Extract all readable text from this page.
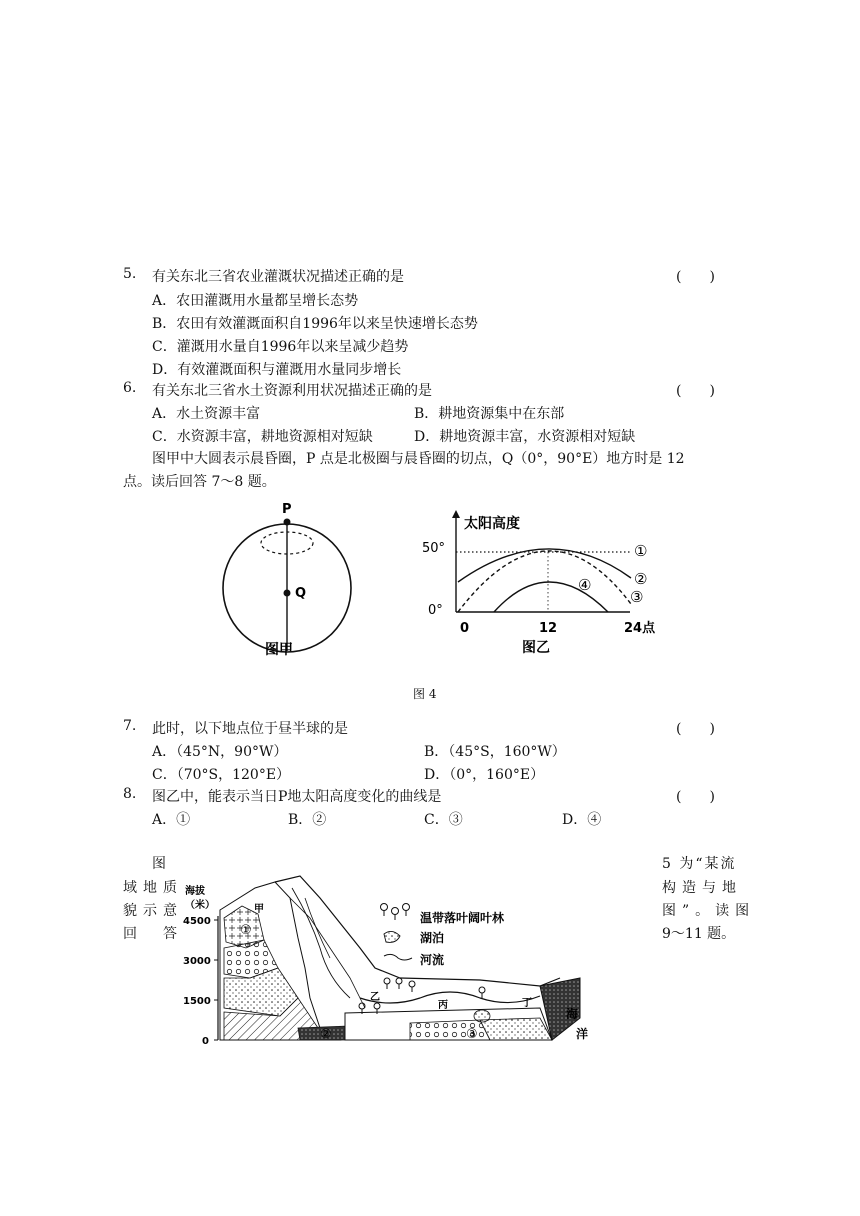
5. 有关东北三省农业灌溉状况描述正确的是	(　　)
A．农田灌溉用水量都呈增长态势
B．农田有效灌溉面积自1996年以来呈快速增长态势
C．灌溉用水量自1996年以来呈减少趋势
D．有效灌溉面积与灌溉用水量同步增长
6. 有关东北三省水土资源利用状况描述正确的是	(　　)
A．水土资源丰富	B．耕地资源集中在东部
C．水资源丰富，耕地资源相对短缺	D．耕地资源丰富，水资源相对短缺
图甲中大圆表示晨昏圈，P 点是北极圈与晨昏圈的切点，Q（0°，90°E）地方时是 12
点。读后回答 7～8 题。
P
Q
图甲
太阳高度
50°
0°
0	12	24点
①
②
③
④
图乙
图 4
7. 此时，以下地点位于昼半球的是	(　　)
A．（45°N，90°W）	B．（45°S，160°W）
C．（70°S，120°E）	D．（0°，160°E）
8. 图乙中，能表示当日P地太阳高度变化的曲线是	(　　)
A．①	B．②	C．③	D．④
图
域地质
貌示意
回　答
5 为“某流
构造与地
图”。读图
9～11 题。
海拔
（米）
4500
3000
1500
0
温带落叶阔叶林
湖泊
河流
甲
乙
丙	丁
①
②	③
海
洋
